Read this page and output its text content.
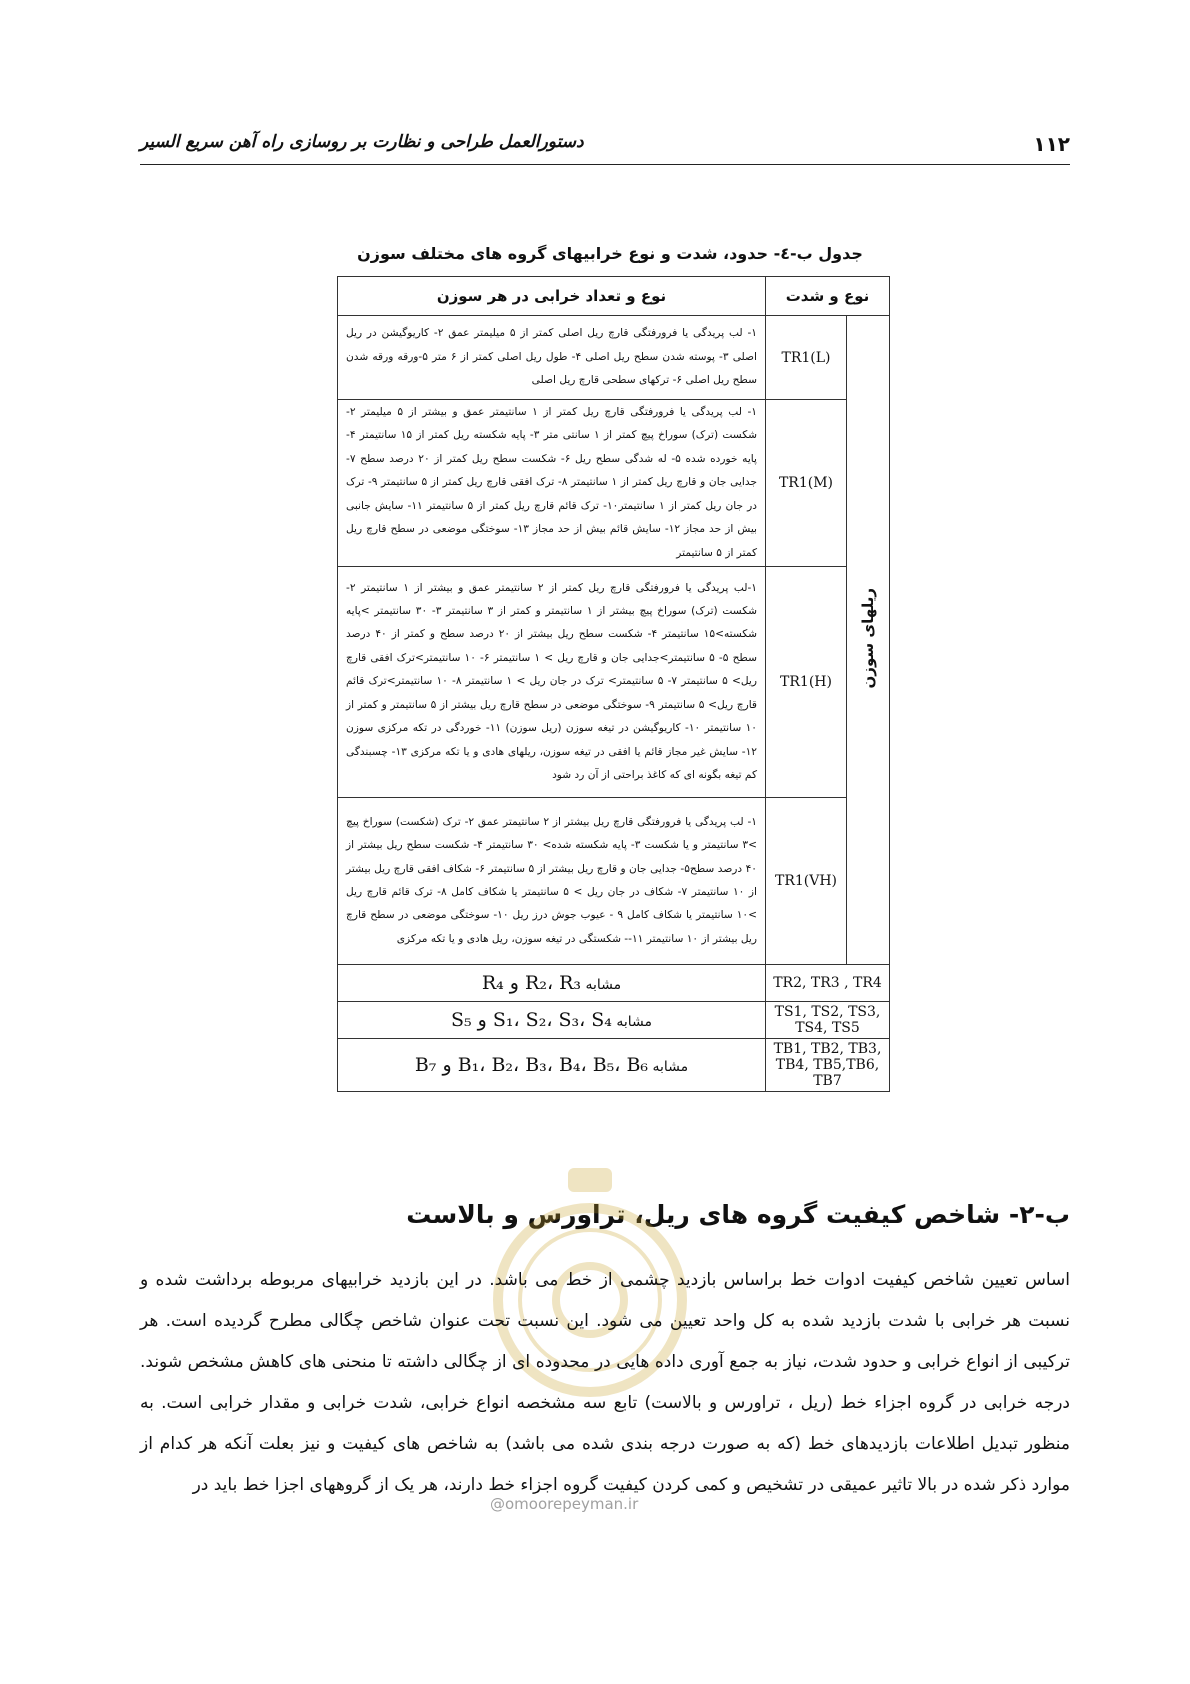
۱۱۲
دستورالعمل طراحی و نظارت بر روسازی راه آهن سریع السیر
جدول ب-٤- حدود، شدت و نوع خرابیهای گروه های مختلف سوزن
نوع و شدت		نوع و تعداد خرابی در هر سوزن
ریلهای سوزن	TR1(L)	۱- لب پریدگی یا فرورفتگی قارچ ریل اصلی کمتر از ۵ میلیمتر عمق ۲- کاریوگیشن در ریل اصلی ۳- پوسته شدن سطح ریل اصلی ۴- طول ریل اصلی کمتر از ۶ متر ۵-ورقه ورقه شدن سطح ریل اصلی ۶- ترکهای سطحی قارچ ریل اصلی
	TR1(M)	۱- لب پریدگی یا فرورفتگی قارچ ریل کمتر از ۱ سانتیمتر عمق و بیشتر از ۵ میلیمتر ۲- شکست (ترک) سوراخ پیچ کمتر از ۱ سانتی متر ۳- پایه شکسته ریل کمتر از ۱۵ سانتیمتر ۴- پایه خورده شده ۵- له شدگی سطح ریل ۶- شکست سطح ریل کمتر از ۲۰ درصد سطح ۷- جدایی جان و قارچ ریل کمتر از ۱ سانتیمتر ۸- ترک افقی قارچ ریل کمتر از ۵ سانتیمتر ۹- ترک در جان ریل کمتر از ۱ سانتیمتر۱۰- ترک قائم قارچ ریل کمتر از ۵ سانتیمتر ۱۱- سایش جانبی بیش از حد مجاز ۱۲- سایش قائم بیش از حد مجاز ۱۳- سوختگی موضعی در سطح قارچ ریل کمتر از ۵ سانتیمتر
	TR1(H)	۱-لب پریدگی یا فرورفتگی قارچ ریل کمتر از ۲ سانتیمتر عمق و بیشتر از ۱ سانتیمتر ۲- شکست (ترک) سوراخ پیچ بیشتر از ۱ سانتیمتر و کمتر از ۳ سانتیمتر ۳- ۳۰ سانتیمتر >پایه شکسته>۱۵ سانتیمتر ۴- شکست سطح ریل بیشتر از ۲۰ درصد سطح و کمتر از ۴۰ درصد سطح ۵- ۵ سانتیمتر>جدایی جان و قارچ ریل > ۱ سانتیمتر ۶- ۱۰ سانتیمتر>ترک افقی قارچ ریل> ۵ سانتیمتر ۷- ۵ سانتیمتر> ترک در جان ریل > ۱ سانتیمتر ۸- ۱۰ سانتیمتر>ترک قائم قارچ ریل> ۵ سانتیمتر ۹- سوختگی موضعی در سطح قارچ ریل بیشتر از ۵ سانتیمتر و کمتر از ۱۰ سانتیمتر ۱۰- کاریوگیشن در تیغه سوزن (ریل سوزن) ۱۱- خوردگی در تکه مرکزی سوزن ۱۲- سایش غیر مجاز قائم یا افقی در تیغه سوزن، ریلهای هادی و یا تکه مرکزی ۱۳- چسبندگی کم تیغه بگونه ای که کاغذ براحتی از آن رد شود
	TR1(VH)	۱- لب پریدگی یا فرورفتگی قارچ ریل بیشتر از ۲ سانتیمتر عمق ۲- ترک (شکست) سوراخ پیچ >۳ سانتیمتر و یا شکست ۳- پایه شکسته شده> ۳۰ سانتیمتر ۴- شکست سطح ریل بیشتر از ۴۰ درصد سطح۵- جدایی جان و قارچ ریل بیشتر از ۵ سانتیمتر ۶- شکاف افقی قارچ ریل بیشتر از ۱۰ سانتیمتر ۷- شکاف در جان ریل > ۵ سانتیمتر یا شکاف کامل ۸- ترک قائم قارچ ریل >۱۰ سانتیمتر یا شکاف کامل ۹ - عیوب جوش درز ریل ۱۰- سوختگی موضعی در سطح قارچ ریل بیشتر از ۱۰ سانتیمتر ۱۱-- شکستگی در تیغه سوزن، ریل هادی و یا تکه مرکزی
TR2, TR3 , TR4		مشابه R₂، R₃ و R₄
TS1, TS2, TS3, TS4, TS5		مشابه S₁، S₂، S₃، S₄ و S₅
TB1, TB2, TB3, TB4, TB5,TB6, TB7		مشابه B₁، B₂، B₃، B₄، B₅، B₆ و B₇
ب-۲- شاخص کیفیت گروه های ریل، تراورس و بالاست
اساس تعیین شاخص کیفیت ادوات خط براساس بازدید چشمی از خط می باشد. در این بازدید خرابیهای مربوطه برداشت شده و نسبت هر خرابی با شدت بازدید شده به کل واحد تعیین می شود. این نسبت تحت عنوان شاخص چگالی مطرح گردیده است. هر ترکیبی از انواع خرابی و حدود شدت، نیاز به جمع آوری داده هایی در محدوده ای از چگالی داشته تا منحنی های کاهش مشخص شوند. درجه خرابی در گروه اجزاء خط (ریل ، تراورس و بالاست) تابع سه مشخصه انواع خرابی، شدت خرابی و مقدار خرابی است. به منظور تبدیل اطلاعات بازدیدهای خط (که به صورت درجه بندی شده می باشد) به شاخص های کیفیت و نیز بعلت آنکه هر کدام از موارد ذکر شده در بالا تاثیر عمیقی در تشخیص و کمی کردن کیفیت گروه اجزاء خط دارند، هر یک از گروههای اجزا خط باید در
@omoorepeyman.ir
